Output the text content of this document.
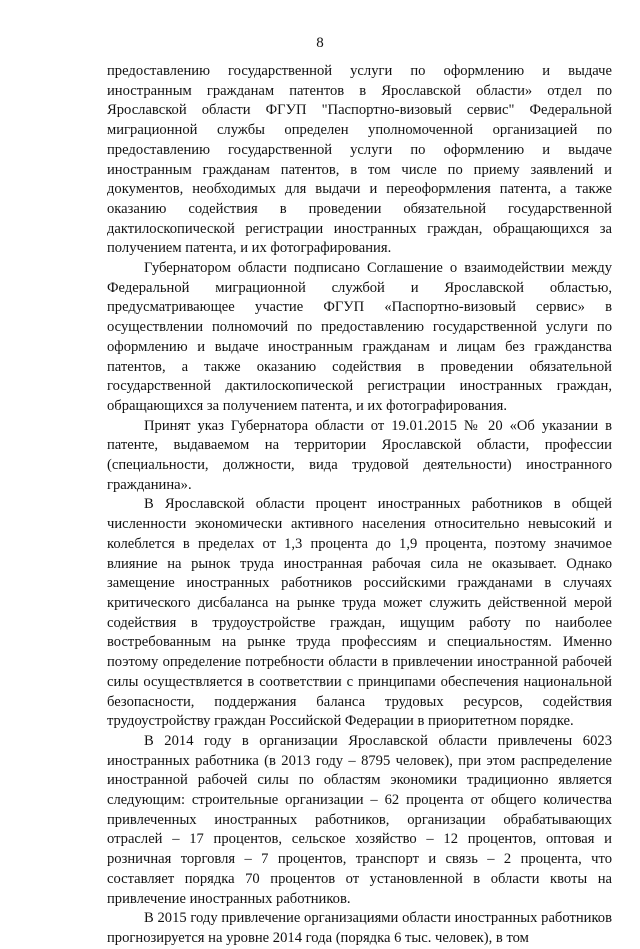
8

предоставлению государственной услуги по оформлению и выдаче иностранным гражданам патентов в Ярославской области» отдел по Ярославской области ФГУП "Паспортно-визовый сервис" Федеральной миграционной службы определен уполномоченной организацией по предоставлению государственной услуги по оформлению и выдаче иностранным гражданам патентов, в том числе по приему заявлений и документов, необходимых для выдачи и переоформления патента, а также оказанию содействия в проведении обязательной государственной дактилоскопической регистрации иностранных граждан, обращающихся за получением патента, и их фотографирования.

Губернатором области подписано Соглашение о взаимодействии между Федеральной миграционной службой и Ярославской областью, предусматривающее участие ФГУП «Паспортно-визовый сервис» в осуществлении полномочий по предоставлению государственной услуги по оформлению и выдаче иностранным гражданам и лицам без гражданства патентов, а также оказанию содействия в проведении обязательной государственной дактилоскопической регистрации иностранных граждан, обращающихся за получением патента, и их фотографирования.

Принят указ Губернатора области от 19.01.2015 № 20 «Об указании в патенте, выдаваемом на территории Ярославской области, профессии (специальности, должности, вида трудовой деятельности) иностранного гражданина».

В Ярославской области процент иностранных работников в общей численности экономически активного населения относительно невысокий и колеблется в пределах от 1,3 процента до 1,9 процента, поэтому значимое влияние на рынок труда иностранная рабочая сила не оказывает. Однако замещение иностранных работников российскими гражданами в случаях критического дисбаланса на рынке труда может служить действенной мерой содействия в трудоустройстве граждан, ищущим работу по наиболее востребованным на рынке труда профессиям и специальностям. Именно поэтому определение потребности области в привлечении иностранной рабочей силы осуществляется в соответствии с принципами обеспечения национальной безопасности, поддержания баланса трудовых ресурсов, содействия трудоустройству граждан Российской Федерации в приоритетном порядке.

В 2014 году в организации Ярославской области привлечены 6023 иностранных работника (в 2013 году – 8795 человек), при этом распределение иностранной рабочей силы по областям экономики традиционно является следующим: строительные организации – 62 процента от общего количества привлеченных иностранных работников, организации обрабатывающих отраслей – 17 процентов, сельское хозяйство – 12 процентов, оптовая и розничная торговля – 7 процентов, транспорт и связь – 2 процента, что составляет порядка 70 процентов от установленной в области квоты на привлечение иностранных работников.

В 2015 году привлечение организациями области иностранных работников прогнозируется на уровне 2014 года (порядка 6 тыс. человек), в том
